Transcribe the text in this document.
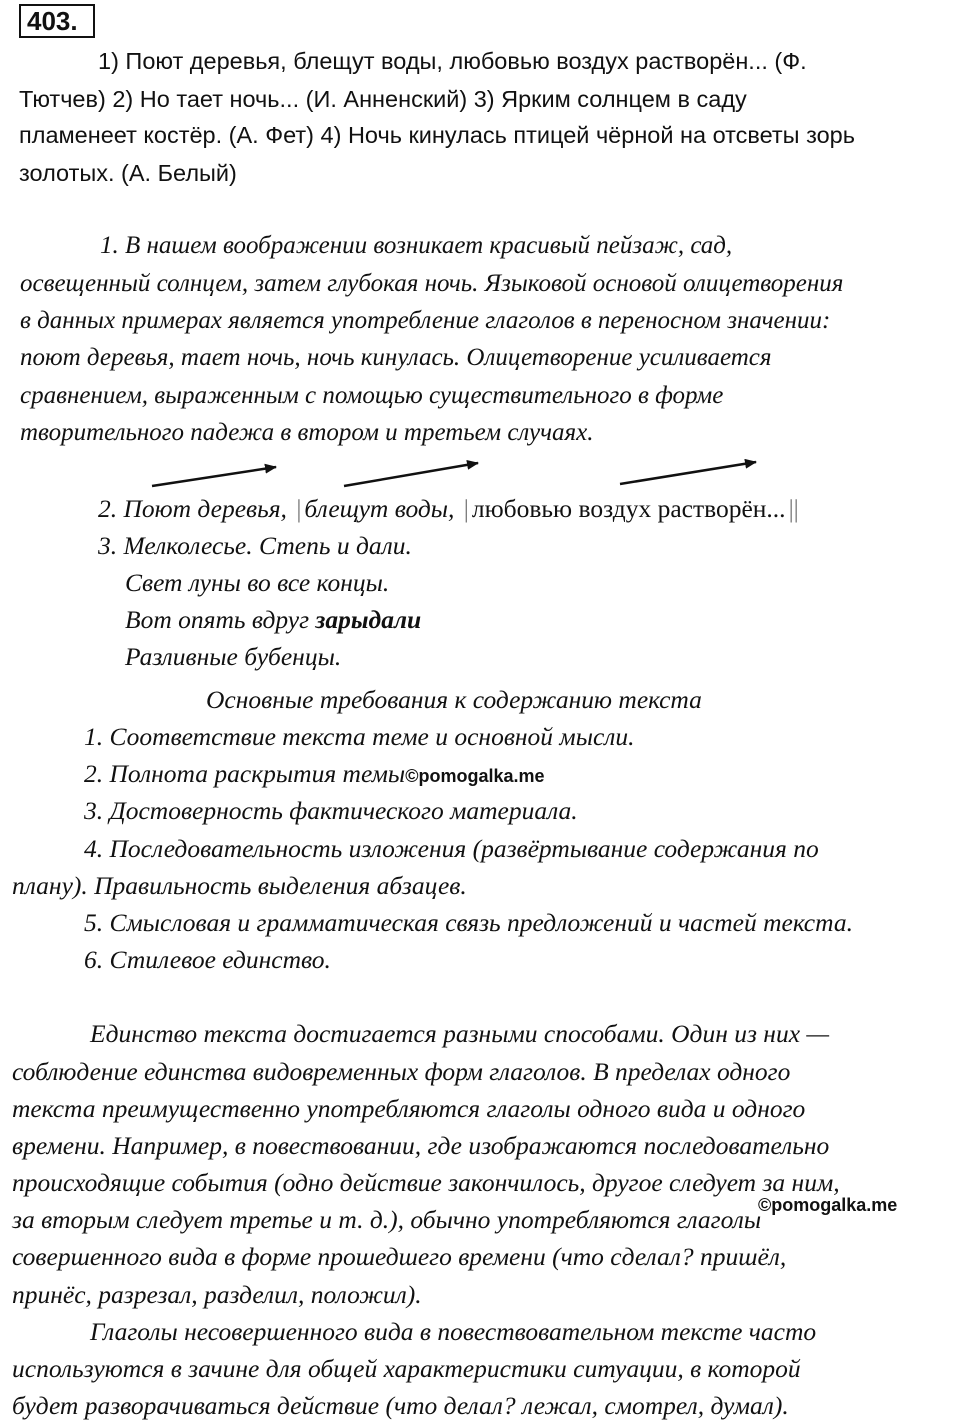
403.
1) Поют деревья, блещут воды, любовью воздух растворён... (Ф.
Тютчев) 2) Но тает ночь... (И. Анненский) 3) Ярким солнцем в саду
пламенеет костёр. (А. Фет) 4) Ночь кинулась птицей чёрной на отсветы зорь
золотых. (А. Белый)
1. В нашем воображении возникает красивый пейзаж, сад,
освещенный солнцем, затем глубокая ночь. Языковой основой олицетворения
в данных примерах является употребление глаголов в переносном значении:
поют деревья, тает ночь, ночь кинулась. Олицетворение усиливается
сравнением, выраженным с помощью существительного в форме
творительного падежа в втором и третьем случаях.
2. Поют деревья, | блещут воды, | любовью воздух растворён... ||
3. Мелколесье. Степь и дали.
Свет луны во все концы.
Вот опять вдруг зарыдали
Разливные бубенцы.
Основные требования к содержанию текста
1. Соответствие текста теме и основной мысли.
2. Полнота раскрытия темы©pomogalka.me
3. Достоверность фактического материала.
4. Последовательность изложения (развёртывание содержания по
плану). Правильность выделения абзацев.
5. Смысловая и грамматическая связь предложений и частей текста.
6. Стилевое единство.
Единство текста достигается разными способами. Один из них —
соблюдение единства видовременных форм глаголов. В пределах одного
текста преимущественно употребляются глаголы одного вида и одного
времени. Например, в повествовании, где изображаются последовательно
происходящие события (одно действие закончилось, другое следует за ним,
за вторым следует третье и т. д.), обычно употребляются глаголы
©pomogalka.me
совершенного вида в форме прошедшего времени (что сделал? пришёл,
принёс, разрезал, разделил, положил).
Глаголы несовершенного вида в повествовательном тексте часто
используются в зачине для общей характеристики ситуации, в которой
будет разворачиваться действие (что делал? лежал, смотрел, думал).
